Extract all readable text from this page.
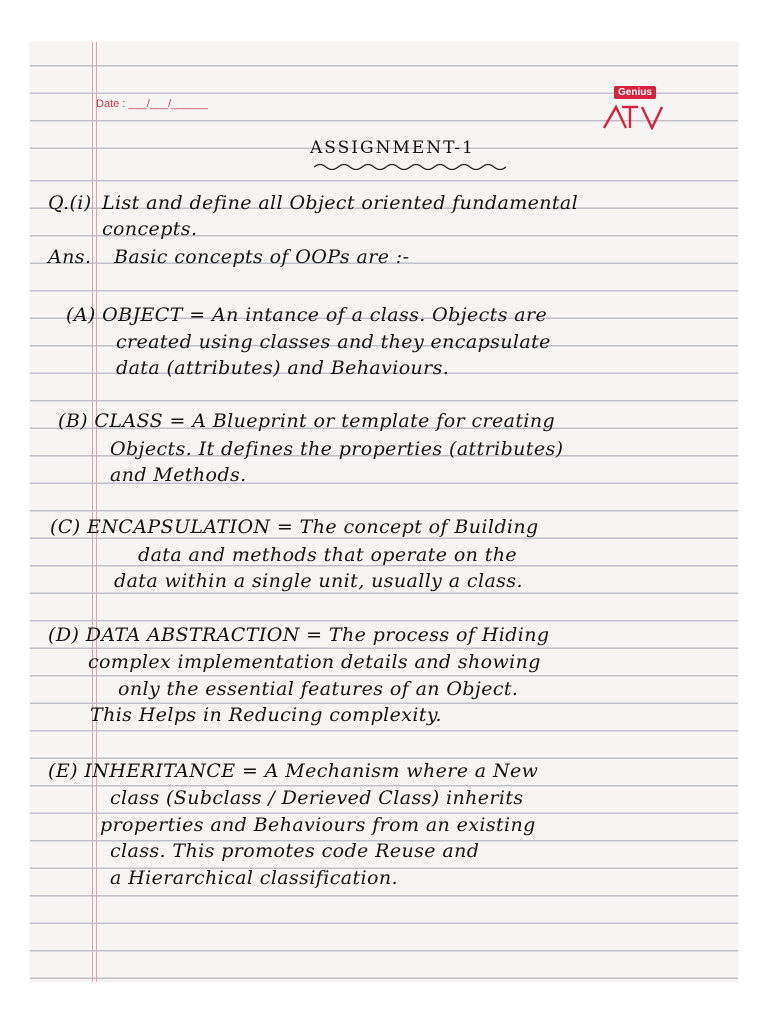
Date : ___/___/______
Genius
ASSIGNMENT-1
Q.(i) List and define all Object oriented fundamental
concepts.
Ans. Basic concepts of OOPs are :-
(A) OBJECT = An intance of a class. Objects are
created using classes and they encapsulate
data (attributes) and Behaviours.
(B) CLASS = A Blueprint or template for creating
Objects. It defines the properties (attributes)
and Methods.
(C) ENCAPSULATION = The concept of Building
data and methods that operate on the
data within a single unit, usually a class.
(D) DATA ABSTRACTION = The process of Hiding
complex implementation details and showing
only the essential features of an Object.
This Helps in Reducing complexity.
(E) INHERITANCE = A Mechanism where a New
class (Subclass / Derieved Class) inherits
properties and Behaviours from an existing
class. This promotes code Reuse and
a Hierarchical classification.
